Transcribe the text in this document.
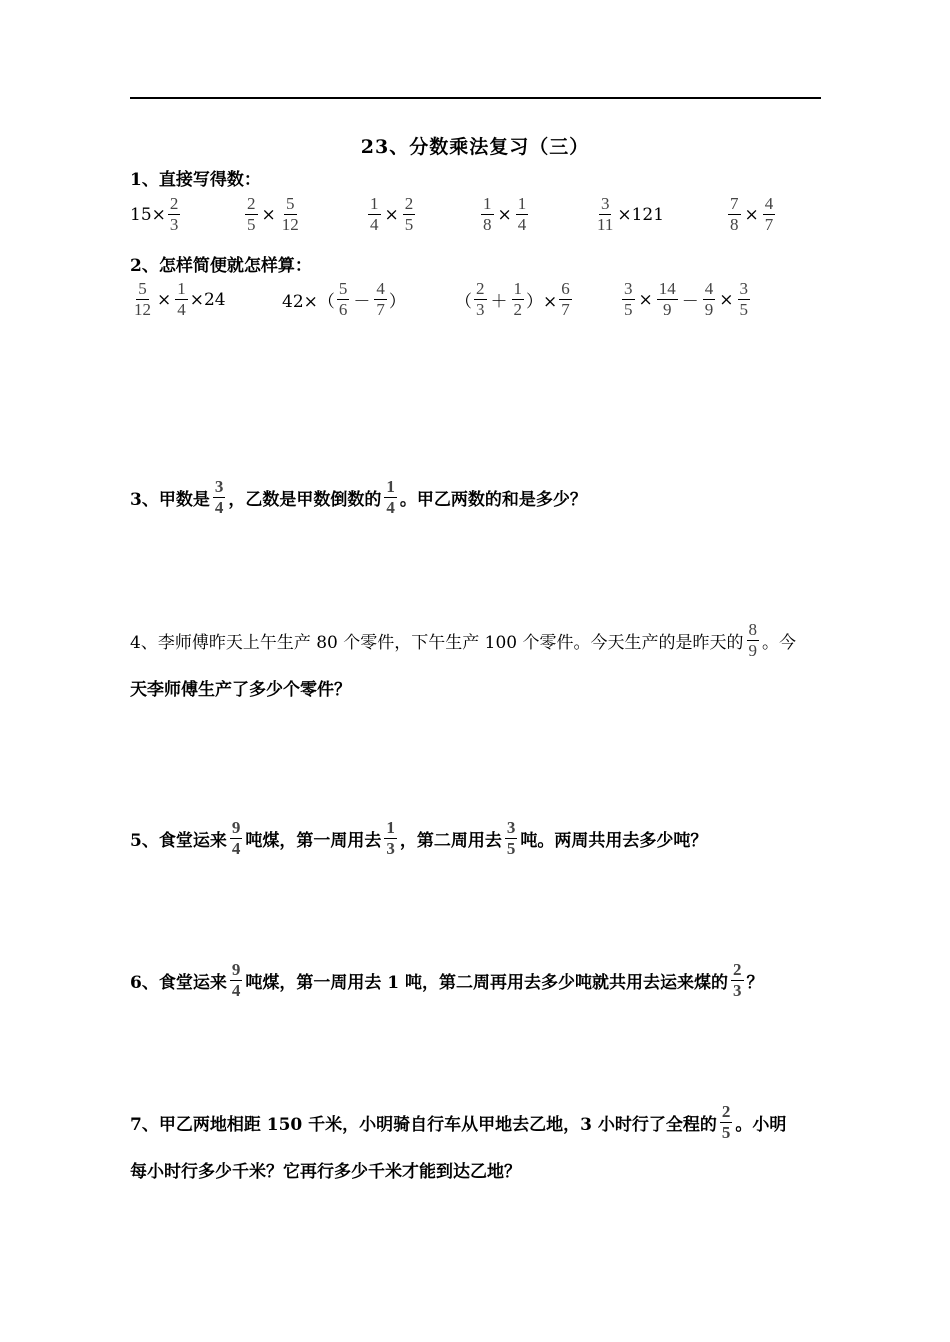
23、分数乘法复习（三）
1、直接写得数：
$15\times \frac{2}{3}$	$\frac{2}{5} \times \frac{5}{12}$	$\frac{1}{4} \times \frac{2}{5}$	$\frac{1}{8} \times \frac{1}{4}$	$\frac{3}{11} \times 121$	$\frac{7}{8} \times \frac{4}{7}$
2、怎样简便就怎样算：
$\frac{5}{12} \times \frac{1}{4} \times 24$	$42\times( \frac{5}{6} - \frac{4}{7}$ ）	（ $\frac{2}{3} + \frac{1}{2}$ ）× $\frac{6}{7}$	$\frac{3}{5} \times \frac{14}{9} - \frac{4}{9} \times \frac{3}{5}$
3、甲数是 $\frac{3}{4}$ ，乙数是甲数倒数的 $\frac{1}{4}$ 。甲乙两数的和是多少？
4、李师傅昨天上午生产 80 个零件，下午生产 100 个零件。今天生产的是昨天的 $\frac{8}{9}$ 。今
天李师傅生产了多少个零件？
5、食堂运来 $\frac{9}{4}$ 吨煤，第一周用去 $\frac{1}{3}$ ，第二周用去 $\frac{3}{5}$ 吨。两周共用去多少吨？
6、食堂运来 $\frac{9}{4}$ 吨煤，第一周用去 1 吨，第二周再用去多少吨就共用去运来煤的 $\frac{2}{3}$ ？
7、甲乙两地相距 150 千米，小明骑自行车从甲地去乙地，3 小时行了全程的 $\frac{2}{5}$ 。小明
每小时行多少千米？它再行多少千米才能到达乙地？
